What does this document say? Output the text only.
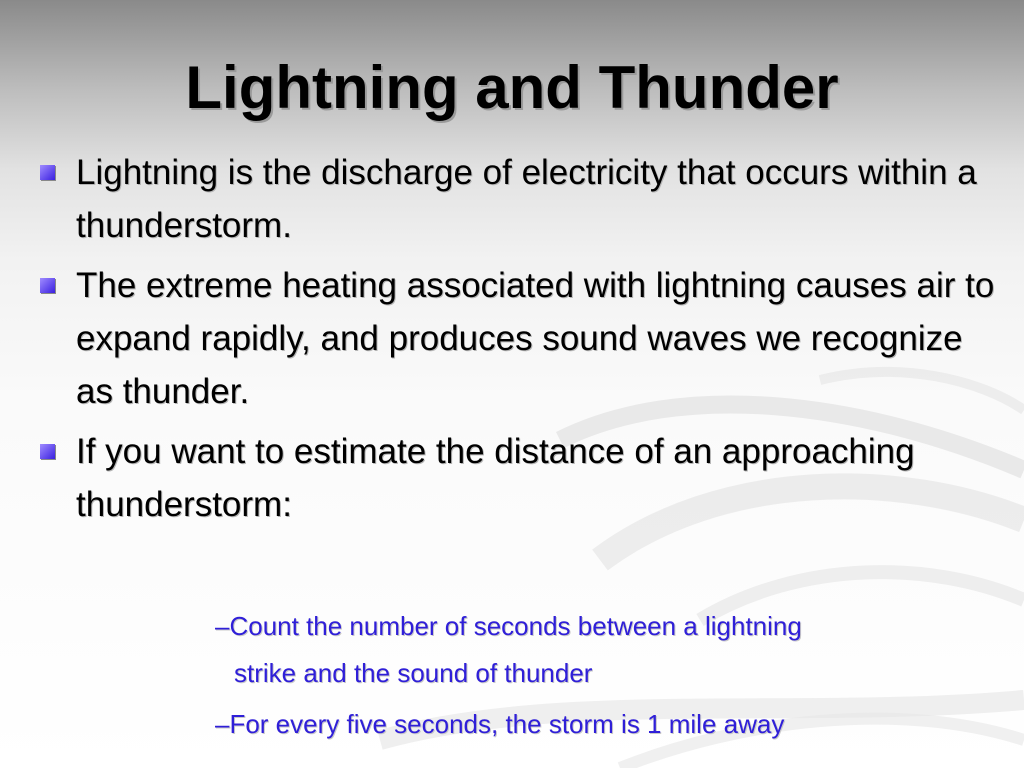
Lightning and Thunder
Lightning is the discharge of electricity that occurs within a thunderstorm.
The extreme heating associated with lightning causes air to expand rapidly, and produces sound waves we recognize as thunder.
If you want to estimate the distance of an approaching thunderstorm:
–Count the number of seconds between a lightning
strike and the sound of thunder
–For every five seconds, the storm is 1 mile away
